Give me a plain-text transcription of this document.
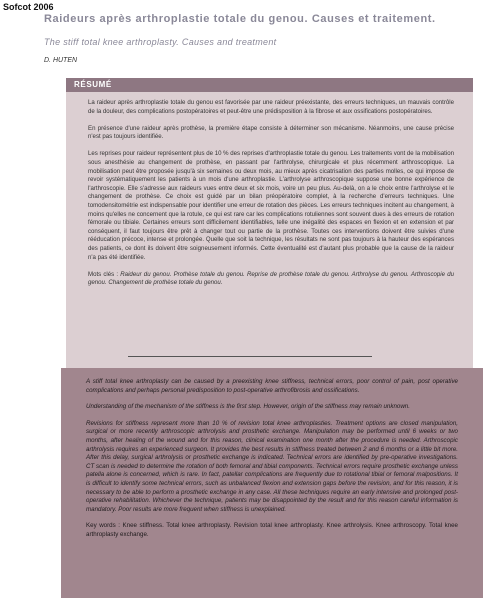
Sofcot 2006
Raideurs après arthroplastie totale du genou. Causes et traitement.
The stiff total knee arthroplasty. Causes and treatment
D. HUTEN
RÉSUMÉ

La raideur après arthroplastie totale du genou est favorisée par une raideur préexistante, des erreurs techniques, un mauvais contrôle de la douleur, des complications postopératoires et peut-être une prédisposition à la fibrose et aux ossifications postopératoires.

En présence d'une raideur après prothèse, la première étape consiste à déterminer son mécanisme. Néanmoins, une cause précise n'est pas toujours identifiée.

Les reprises pour raideur représentent plus de 10 % des reprises d'arthroplastie totale du genou. Les traitements vont de la mobilisation sous anesthésie au changement de prothèse, en passant par l'arthrolyse, chirurgicale et plus récemment arthroscopique. La mobilisation peut être proposée jusqu'à six semaines ou deux mois, au mieux après cicatrisation des parties molles, ce qui impose de revoir systématiquement les patients à un mois d'une arthroplastie. L'arthrolyse arthroscopique suppose une bonne expérience de l'arthroscopie. Elle s'adresse aux raideurs vues entre deux et six mois, voire un peu plus. Au-delà, on a le choix entre l'arthrolyse et le changement de prothèse. Ce choix est guidé par un bilan préopératoire complet, à la recherche d'erreurs techniques. Une tomodensitométrie est indispensable pour identifier une erreur de rotation des pièces. Les erreurs techniques incitent au changement, à moins qu'elles ne concernent que la rotule, ce qui est rare car les complications rotuliennes sont souvent dues à des erreurs de rotation fémorale ou tibiale. Certaines erreurs sont difficilement identifiables, telle une inégalité des espaces en flexion et en extension et par conséquent, il faut toujours être prêt à changer tout ou partie de la prothèse. Toutes ces interventions doivent être suivies d'une rééducation précoce, intense et prolongée. Quelle que soit la technique, les résultats ne sont pas toujours à la hauteur des espérances des patients, ce dont ils doivent être soigneusement informés. Cette éventualité est d'autant plus probable que la cause de la raideur n'a pas été identifiée.

Mots clés : Raideur du genou. Prothèse totale du genou. Reprise de prothèse totale du genou. Arthrolyse du genou. Arthroscopie du genou. Changement de prothèse totale du genou.

A stiff total knee arthroplasty can be caused by a preexisting knee stiffness, technical errors, poor control of pain, post operative complications and perhaps personal predisposition to post-operative arthrofibrosis and ossifications.

Understanding of the mechanism of the stiffness is the first step. However, origin of the stiffness may remain unknown.

Revisions for stiffness represent more than 10 % of revision total knee arthroplasties. Treatment options are closed manipulation, surgical or more recently arthroscopic arthrolysis and prosthetic exchange. Manipulation may be performed until 6 weeks or two months, after healing of the wound and for this reason, clinical examination one month after the procedure is needed. Arthroscopic arthrolysis requires an experienced surgeon. It provides the best results in stiffness treated between 2 and 6 months or a little bit more. After this delay, surgical arthrolysis or prosthetic exchange is indicated. Technical errors are identified by pre-operative investigations. CT scan is needed to determine the rotation of both femoral and tibial components. Technical errors require prosthetic exchange unless patella alone is concerned, which is rare. In fact, patellar complications are frequently due to rotational tibial or femoral malpositions. It is difficult to identify some technical errors, such as unbalanced flexion and extension gaps before the revision, and for this reason, it is necessary to be able to perform a prosthetic exchange in any case. All these techniques require an early intensive and prolonged post-operative rehabilitation. Whichever the technique, patients may be disappointed by the result and for this reason careful information is mandatory. Poor results are more frequent when stiffness is unexplained.

Key words : Knee stiffness. Total knee arthroplasty. Revision total knee arthroplasty. Knee arthrolysis. Knee arthroscopy. Total knee arthroplasty exchange.
